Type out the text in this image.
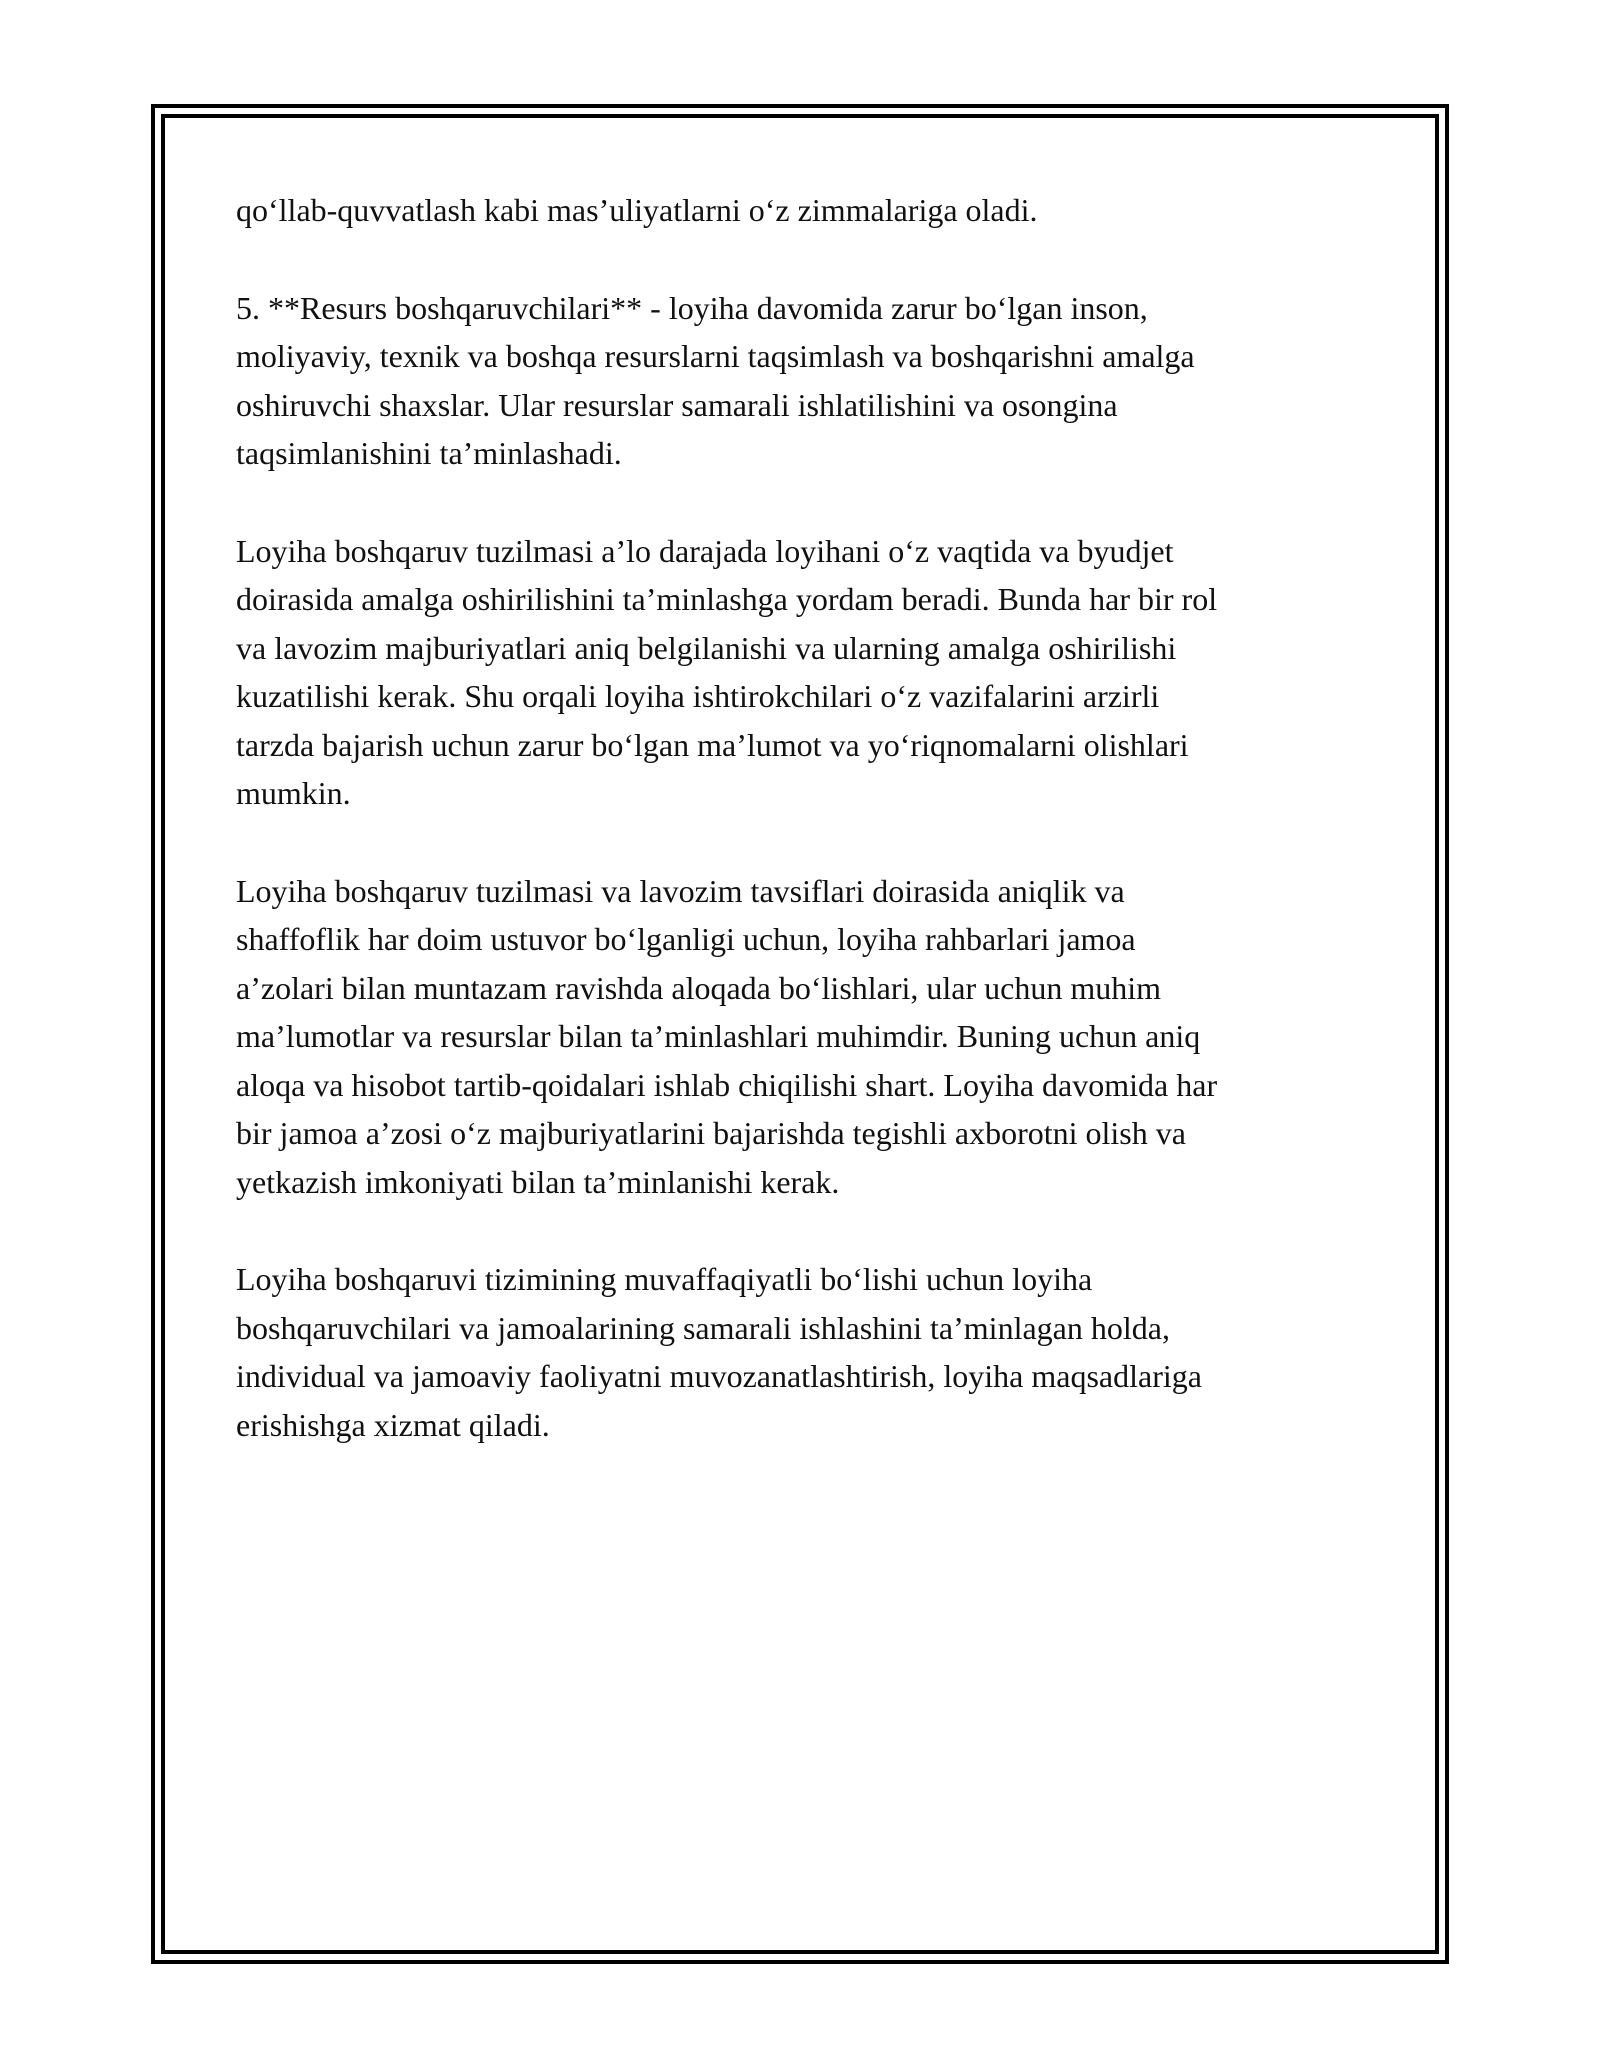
qo‘llab-quvvatlash kabi mas’uliyatlarni o‘z zimmalariga oladi.

5. **Resurs boshqaruvchilari** - loyiha davomida zarur bo‘lgan inson,
moliyaviy, texnik va boshqa resurslarni taqsimlash va boshqarishni amalga
oshiruvchi shaxslar. Ular resurslar samarali ishlatilishini va osongina
taqsimlanishini ta’minlashadi.

Loyiha boshqaruv tuzilmasi a’lo darajada loyihani o‘z vaqtida va byudjet
doirasida amalga oshirilishini ta’minlashga yordam beradi. Bunda har bir rol
va lavozim majburiyatlari aniq belgilanishi va ularning amalga oshirilishi
kuzatilishi kerak. Shu orqali loyiha ishtirokchilari o‘z vazifalarini arzirli
tarzda bajarish uchun zarur bo‘lgan ma’lumot va yo‘riqnomalarni olishlari
mumkin.

Loyiha boshqaruv tuzilmasi va lavozim tavsiflari doirasida aniqlik va
shaffoflik har doim ustuvor bo‘lganligi uchun, loyiha rahbarlari jamoa
a’zolari bilan muntazam ravishda aloqada bo‘lishlari, ular uchun muhim
ma’lumotlar va resurslar bilan ta’minlashlari muhimdir. Buning uchun aniq
aloqa va hisobot tartib-qoidalari ishlab chiqilishi shart. Loyiha davomida har
bir jamoa a’zosi o‘z majburiyatlarini bajarishda tegishli axborotni olish va
yetkazish imkoniyati bilan ta’minlanishi kerak.

Loyiha boshqaruvi tizimining muvaffaqiyatli bo‘lishi uchun loyiha
boshqaruvchilari va jamoalarining samarali ishlashini ta’minlagan holda,
individual va jamoaviy faoliyatni muvozanatlashtirish, loyiha maqsadlariga
erishishga xizmat qiladi.
